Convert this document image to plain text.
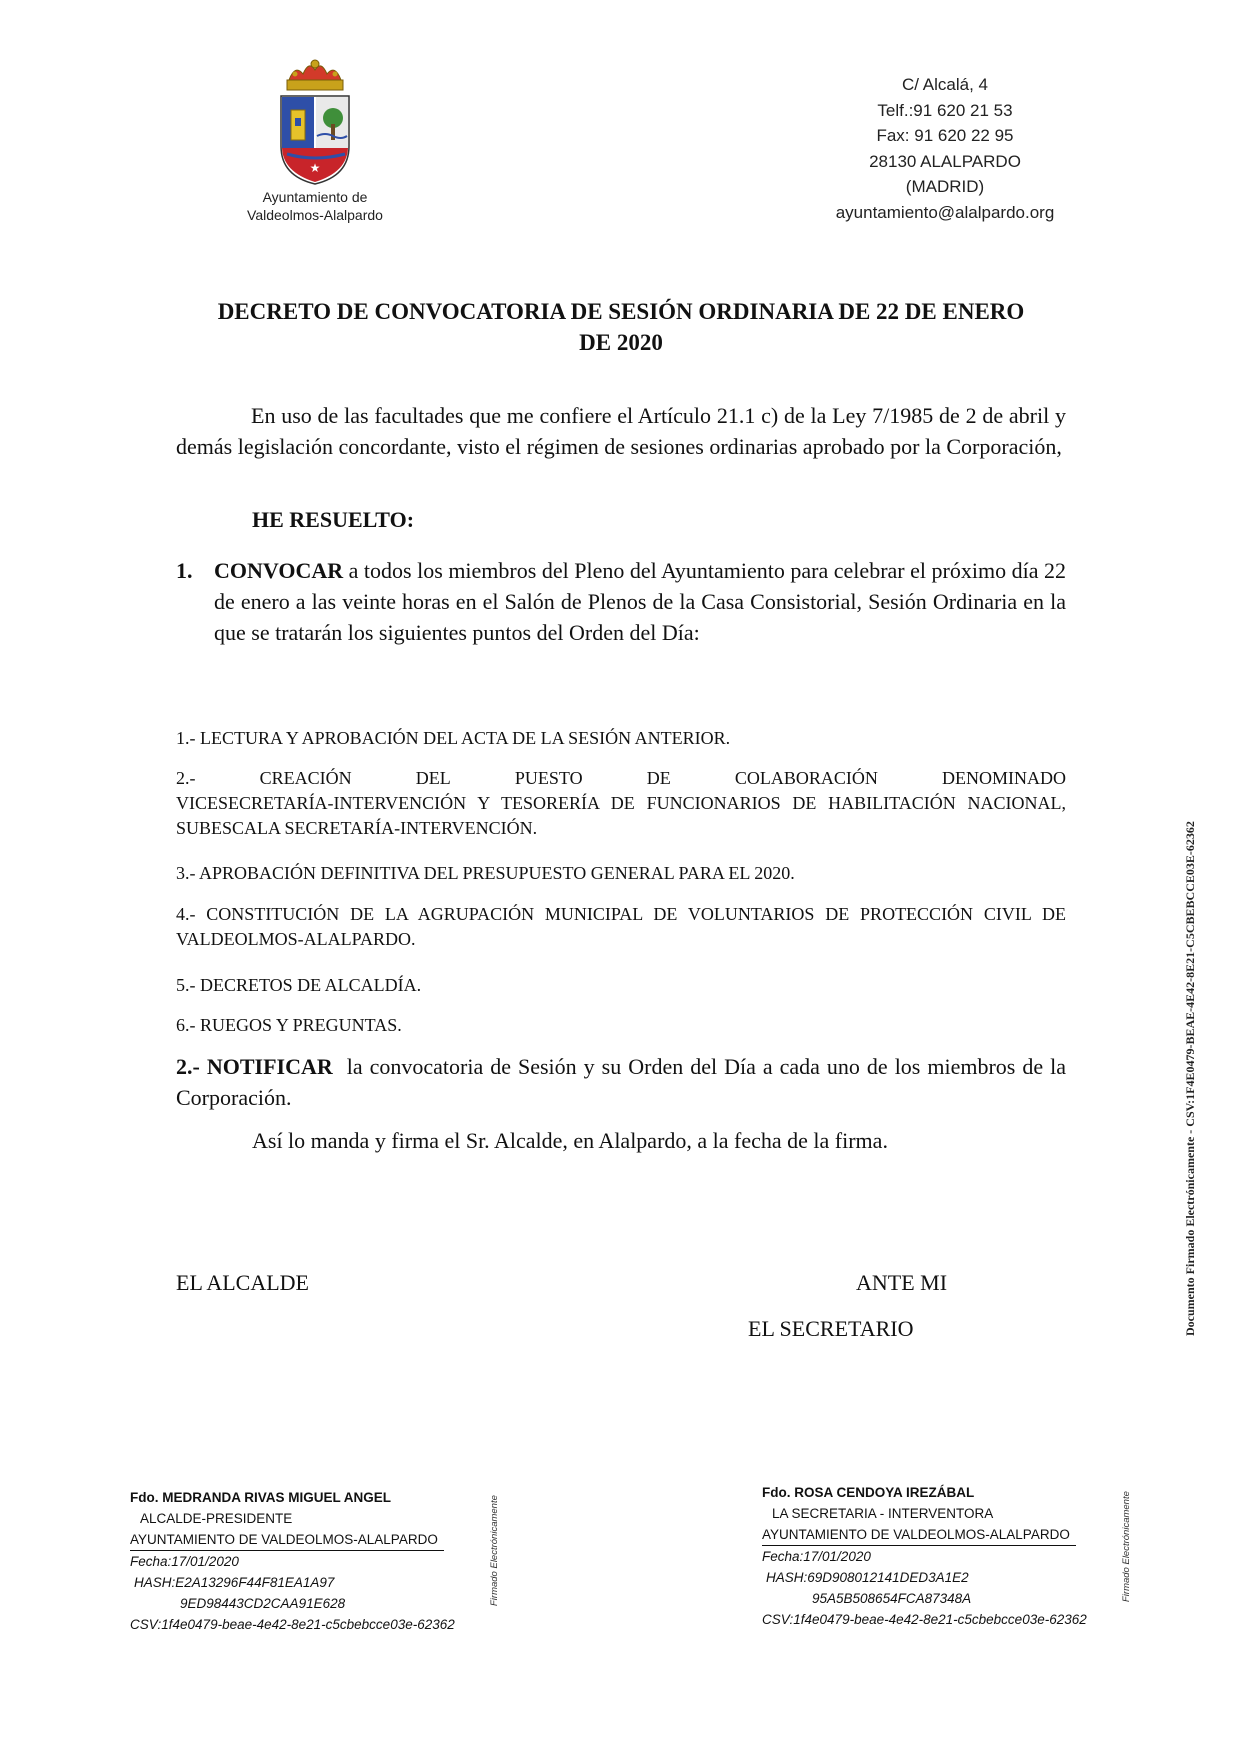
★
Ayuntamiento de
Valdeolmos-Alalpardo
C/ Alcalá, 4
Telf.:91 620 21 53
Fax: 91 620 22 95
28130 ALALPARDO
(MADRID)
ayuntamiento@alalpardo.org
DECRETO DE CONVOCATORIA DE SESIÓN ORDINARIA DE 22 DE ENERO
DE 2020
En uso de las facultades que me confiere el Artículo 21.1 c) de la Ley 7/1985 de 2 de abril y demás legislación concordante, visto el régimen de sesiones ordinarias aprobado por la Corporación,
HE RESUELTO:
1. CONVOCAR a todos los miembros del Pleno del Ayuntamiento para celebrar el próximo día 22 de enero a las veinte horas en el Salón de Plenos de la Casa Consistorial, Sesión Ordinaria en la que se tratarán los siguientes puntos del Orden del Día:
1.- LECTURA Y APROBACIÓN DEL ACTA DE LA SESIÓN ANTERIOR.
2.-	CREACIÓN	DEL	PUESTO	DE	COLABORACIÓN	DENOMINADO
VICESECRETARÍA-INTERVENCIÓN Y TESORERÍA DE FUNCIONARIOS DE HABILITACIÓN NACIONAL, SUBESCALA SECRETARÍA-INTERVENCIÓN.
3.- APROBACIÓN DEFINITIVA DEL PRESUPUESTO GENERAL PARA EL 2020.
4.- CONSTITUCIÓN DE LA AGRUPACIÓN MUNICIPAL DE VOLUNTARIOS DE PROTECCIÓN CIVIL DE VALDEOLMOS-ALALPARDO.
5.- DECRETOS DE ALCALDÍA.
6.- RUEGOS Y PREGUNTAS.
2.- NOTIFICAR  la convocatoria de Sesión y su Orden del Día a cada uno de los miembros de la Corporación.
Así lo manda y firma el Sr. Alcalde, en Alalpardo, a la fecha de la firma.
EL ALCALDE	ANTE MI
EL SECRETARIO	Documento Firmado Electrónicamente - CSV:1F4E0479-BEAE-4E42-8E21-C5CBEBCCE03E-62362
Fdo. MEDRANDA RIVAS MIGUEL ANGEL
ALCALDE-PRESIDENTE
AYUNTAMIENTO DE VALDEOLMOS-ALALPARDO
Fecha:17/01/2020
HASH:E2A13296F44F81EA1A97
9ED98443CD2CAA91E628
CSV:1f4e0479-beae-4e42-8e21-c5cbebcce03e-62362
Firmado Electrónicamente
Fdo. ROSA CENDOYA IREZÁBAL
LA SECRETARIA - INTERVENTORA
AYUNTAMIENTO DE VALDEOLMOS-ALALPARDO
Fecha:17/01/2020
HASH:69D908012141DED3A1E2
95A5B508654FCA87348A
CSV:1f4e0479-beae-4e42-8e21-c5cbebcce03e-62362
Firmado Electrónicamente
